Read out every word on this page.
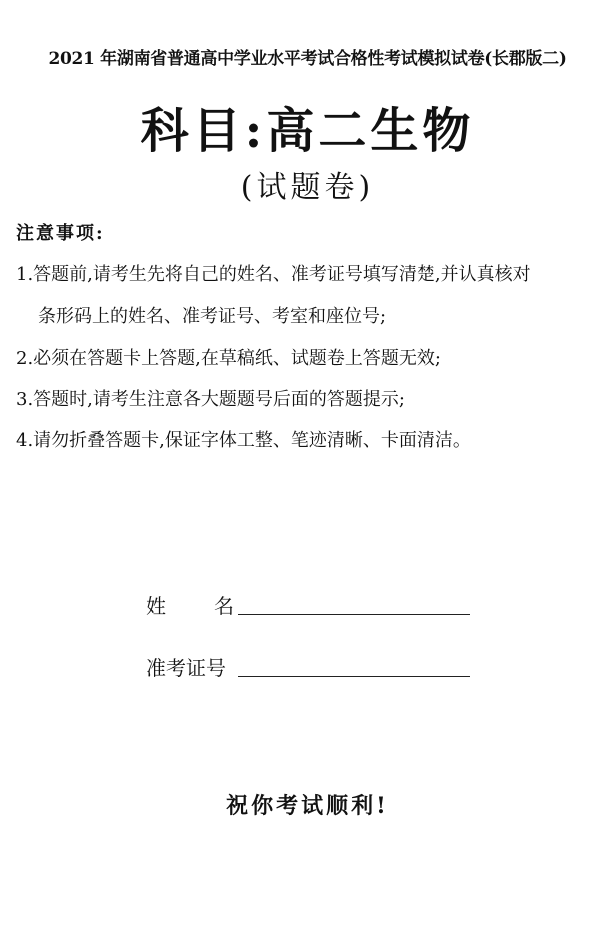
2021 年湖南省普通高中学业水平考试合格性考试模拟试卷(长郡版二)
科目:高二生物
(试题卷)
注意事项:
1.答题前,请考生先将自己的姓名、准考证号填写清楚,并认真核对
条形码上的姓名、准考证号、考室和座位号;
2.必须在答题卡上答题,在草稿纸、试题卷上答题无效;
3.答题时,请考生注意各大题题号后面的答题提示;
4.请勿折叠答题卡,保证字体工整、笔迹清晰、卡面清洁。
姓名
准考证号
祝你考试顺利!
